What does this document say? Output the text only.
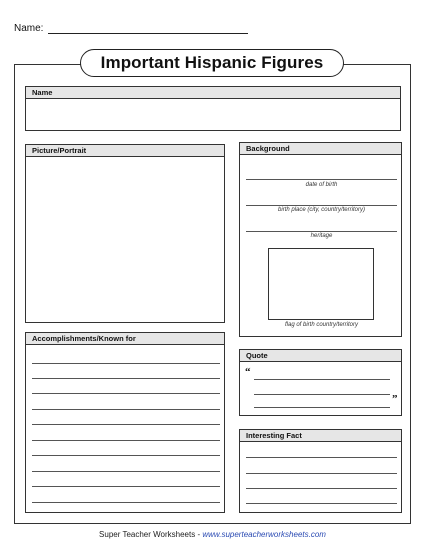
Name:
Important Hispanic Figures
Name
Picture/Portrait	Background
date of birth
birth place (city, country/territory)
heritage
flag of birth country/territory
Accomplishments/Known for
Quote
“
”
Interesting Fact
Super Teacher Worksheets - www.superteacherworksheets.com
